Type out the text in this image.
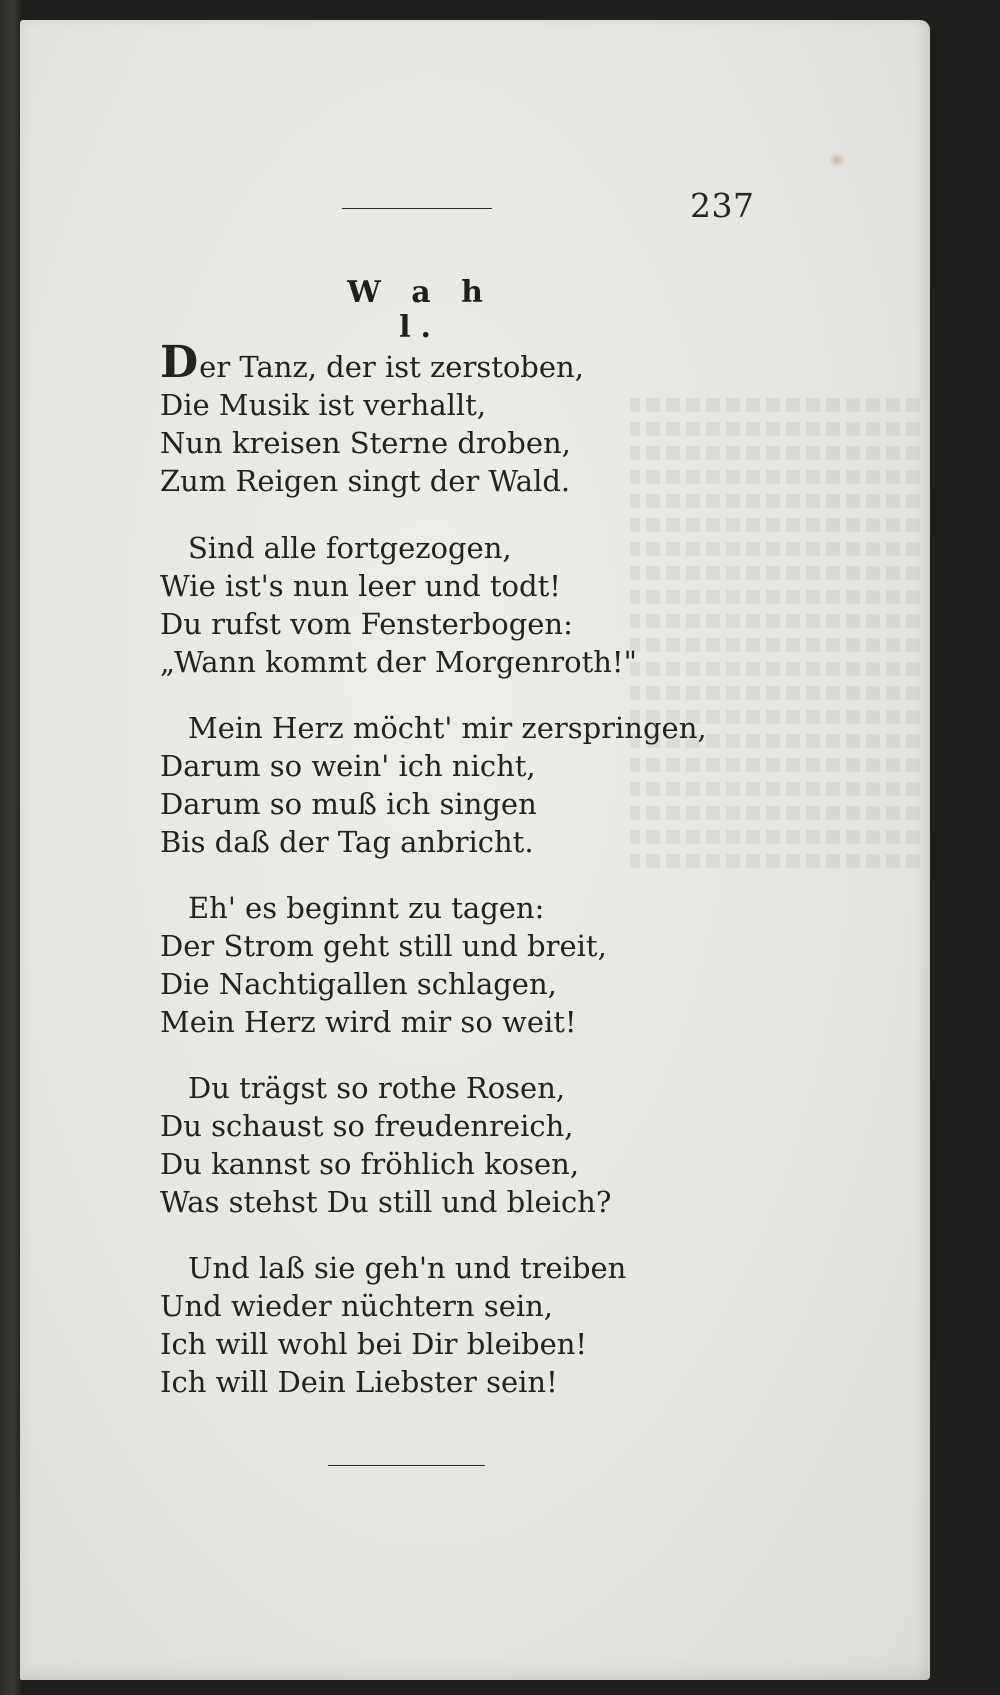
237
W a h l.
Der Tanz, der ist zerstoben,
Die Musik ist verhallt,
Nun kreisen Sterne droben,
Zum Reigen singt der Wald.
Sind alle fortgezogen,
Wie ist's nun leer und todt!
Du rufst vom Fensterbogen:
„Wann kommt der Morgenroth!"
Mein Herz möcht' mir zerspringen,
Darum so wein' ich nicht,
Darum so muß ich singen
Bis daß der Tag anbricht.
Eh' es beginnt zu tagen:
Der Strom geht still und breit,
Die Nachtigallen schlagen,
Mein Herz wird mir so weit!
Du trägst so rothe Rosen,
Du schaust so freudenreich,
Du kannst so fröhlich kosen,
Was stehst Du still und bleich?
Und laß sie geh'n und treiben
Und wieder nüchtern sein,
Ich will wohl bei Dir bleiben!
Ich will Dein Liebster sein!
